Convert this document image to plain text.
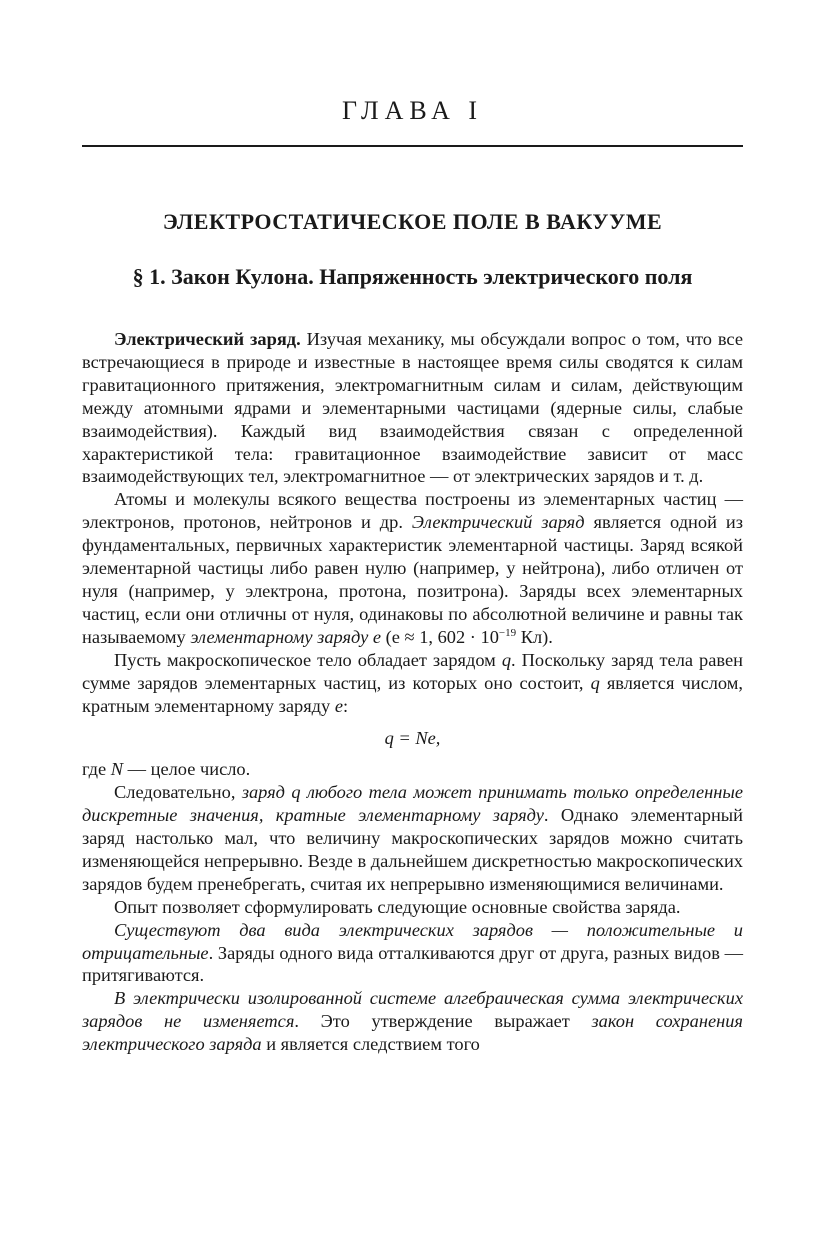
ГЛАВА I
ЭЛЕКТРОСТАТИЧЕСКОЕ ПОЛЕ В ВАКУУМЕ
§ 1. Закон Кулона. Напряженность электрического поля

Электрический заряд. Изучая механику, мы обсуждали вопрос о том, что все встречающиеся в природе и известные в настоящее время силы сводятся к силам гравитационного притяжения, электромагнитным силам и силам, действующим между атомными ядрами и элементарными частицами (ядерные силы, слабые взаимодействия). Каждый вид взаимодействия связан с определенной характеристикой тела: гравитационное взаимодействие зависит от масс взаимодействующих тел, электромагнитное — от электрических зарядов и т. д.

Атомы и молекулы всякого вещества построены из элементарных частиц — электронов, протонов, нейтронов и др. Электрический заряд является одной из фундаментальных, первичных характеристик элементарной частицы. Заряд всякой элементарной частицы либо равен нулю (например, у нейтрона), либо отличен от нуля (например, у электрона, протона, позитрона). Заряды всех элементарных частиц, если они отличны от нуля, одинаковы по абсолютной величине и равны так называемому элементарному заряду e (e ≈ 1, $602 \cdot 10^{-19}$ Кл).

Пусть макроскопическое тело обладает зарядом q. Поскольку заряд тела равен сумме зарядов элементарных частиц, из которых оно состоит, q является числом, кратным элементарному заряду e:

q = Ne,

где N — целое число.

Следовательно, заряд q любого тела может принимать только определенные дискретные значения, кратные элементарному заряду. Однако элементарный заряд настолько мал, что величину макроскопических зарядов можно считать изменяющейся непрерывно. Везде в дальнейшем дискретностью макроскопических зарядов будем пренебрегать, считая их непрерывно изменяющимися величинами.

Опыт позволяет сформулировать следующие основные свойства заряда.

Существуют два вида электрических зарядов — положительные и отрицательные. Заряды одного вида отталкиваются друг от друга, разных видов — притягиваются.

В электрически изолированной системе алгебраическая сумма электрических зарядов не изменяется. Это утверждение выражает закон сохранения электрического заряда и является следствием того
